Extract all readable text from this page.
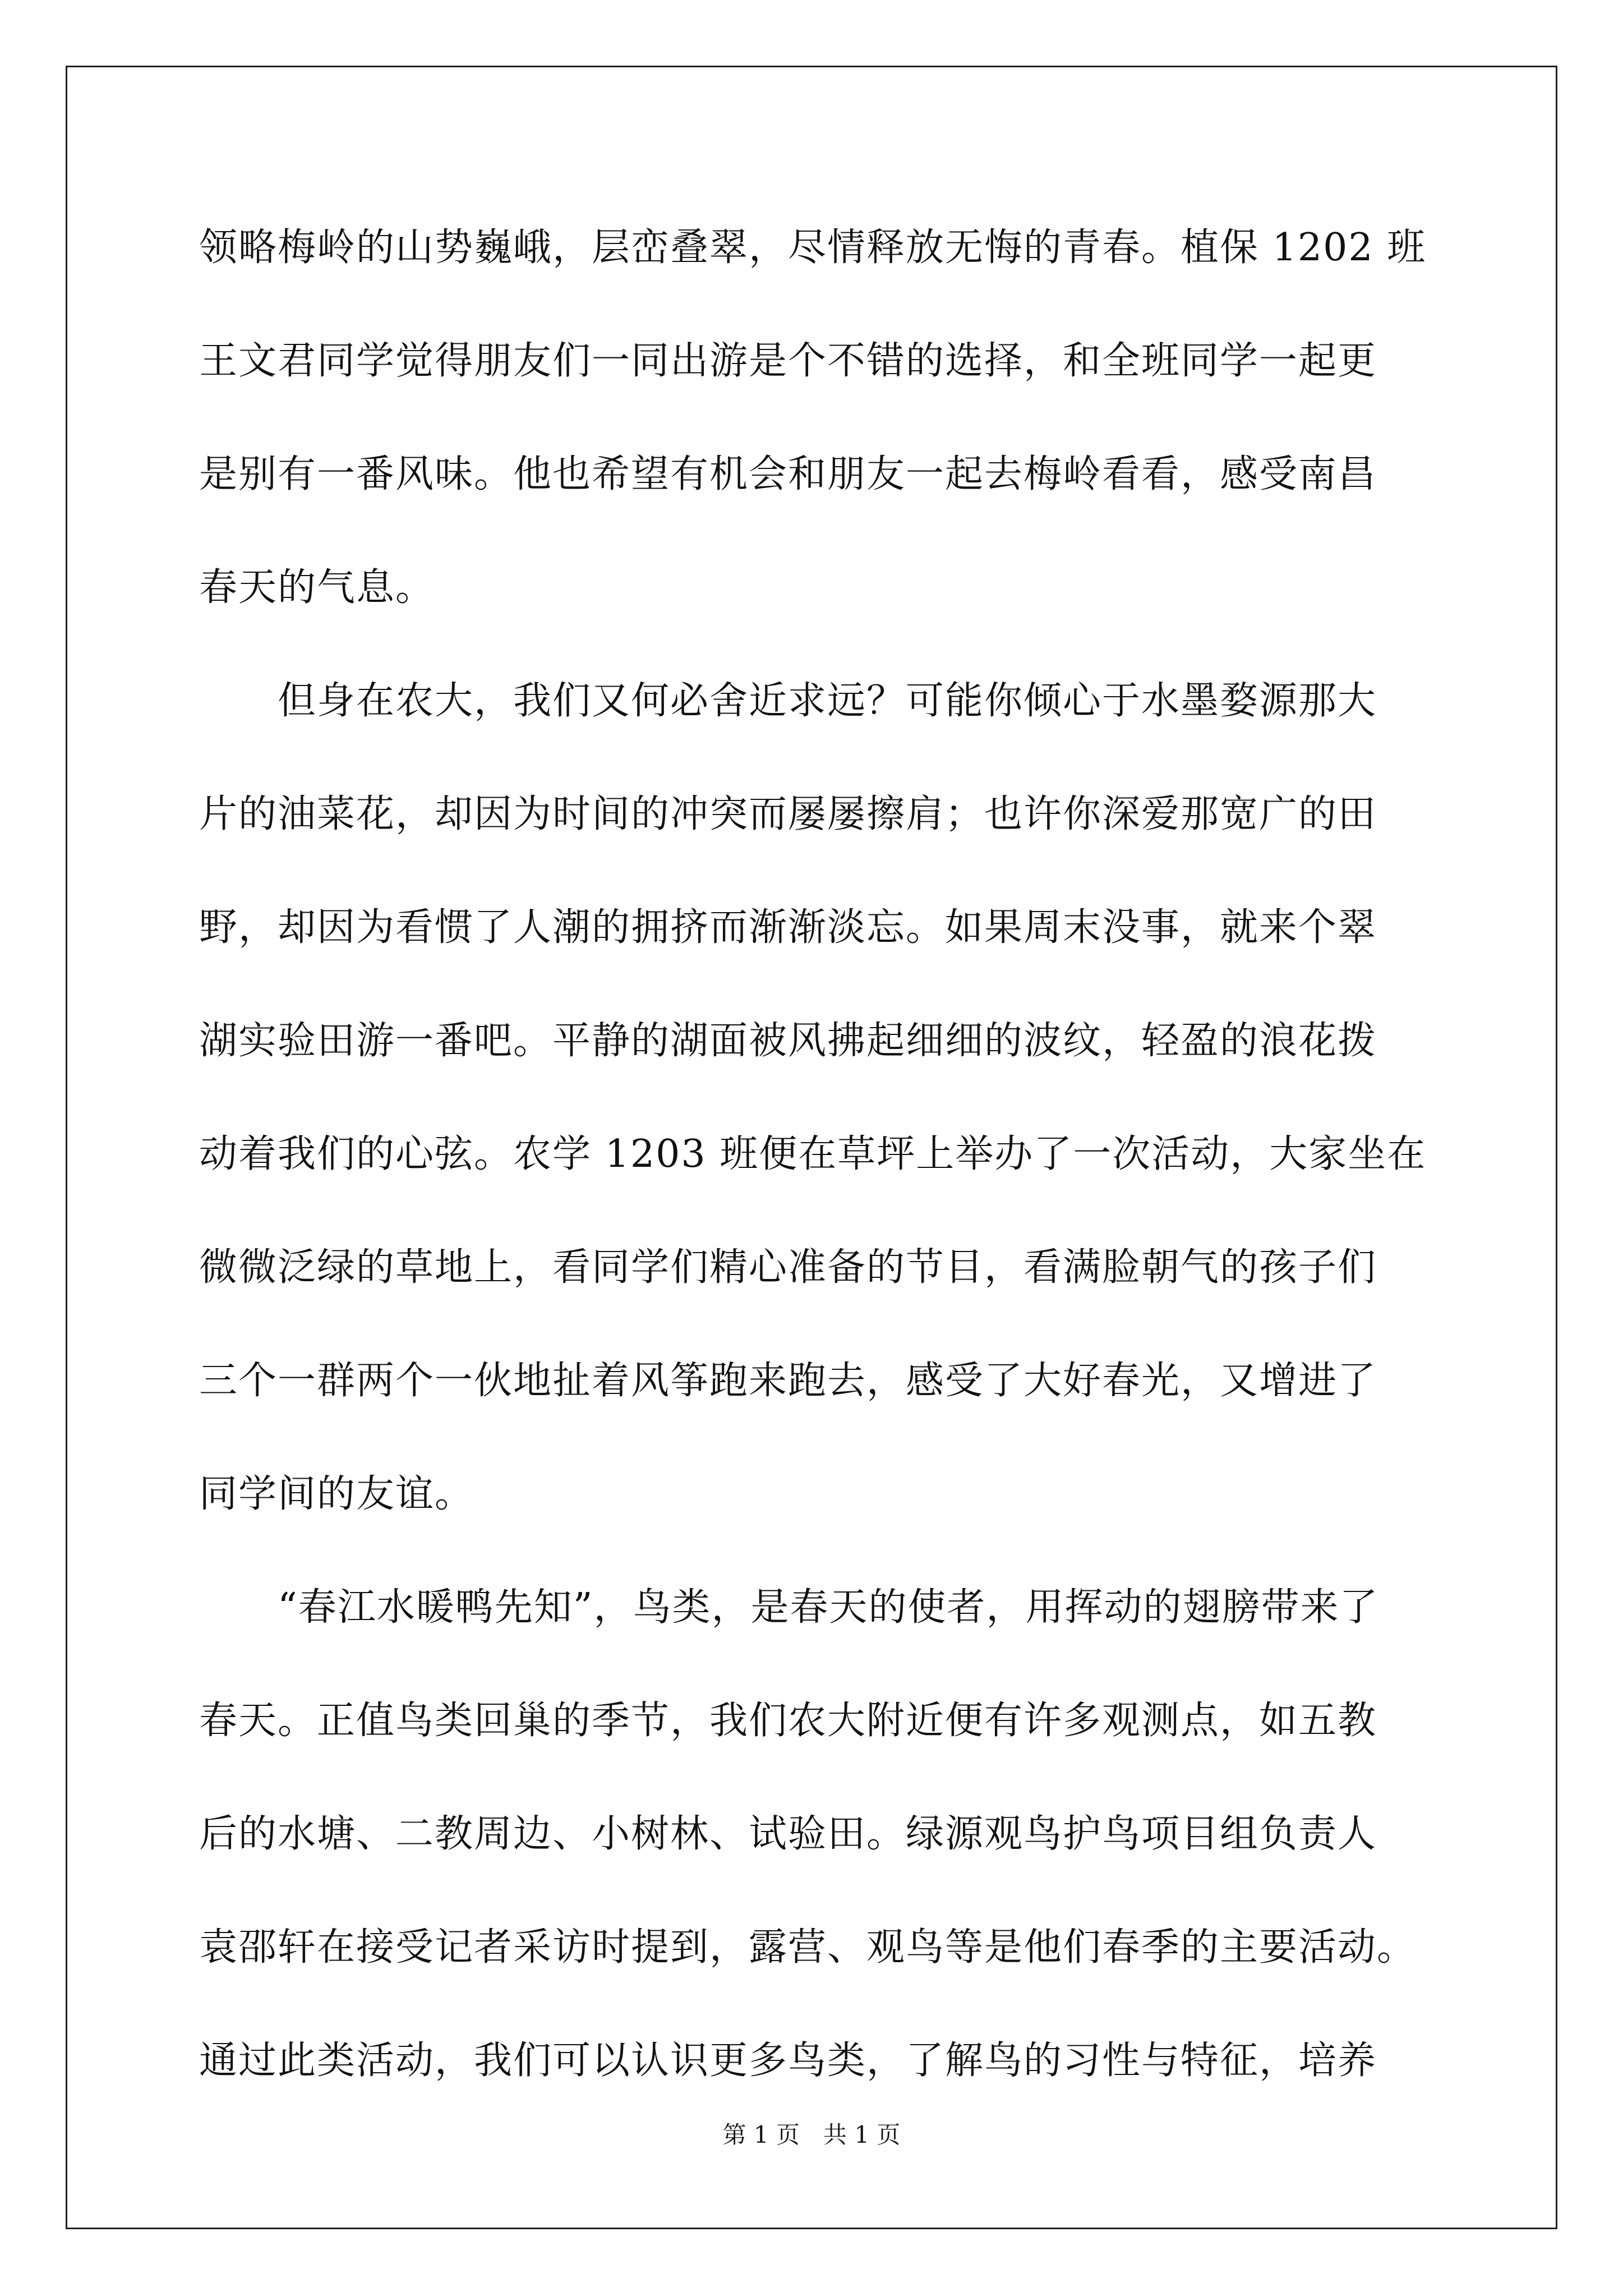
领略梅岭的山势巍峨，层峦叠翠，尽情释放无悔的青春。植保 1202 班
王文君同学觉得朋友们一同出游是个不错的选择，和全班同学一起更
是别有一番风味。他也希望有机会和朋友一起去梅岭看看，感受南昌
春天的气息。
　　但身在农大，我们又何必舍近求远？可能你倾心于水墨婺源那大
片的油菜花，却因为时间的冲突而屡屡擦肩；也许你深爱那宽广的田
野，却因为看惯了人潮的拥挤而渐渐淡忘。如果周末没事，就来个翠
湖实验田游一番吧。平静的湖面被风拂起细细的波纹，轻盈的浪花拨
动着我们的心弦。农学 1203 班便在草坪上举办了一次活动，大家坐在
微微泛绿的草地上，看同学们精心准备的节目，看满脸朝气的孩子们
三个一群两个一伙地扯着风筝跑来跑去，感受了大好春光，又增进了
同学间的友谊。
　　“春江水暖鸭先知”，鸟类，是春天的使者，用挥动的翅膀带来了
春天。正值鸟类回巢的季节，我们农大附近便有许多观测点，如五教
后的水塘、二教周边、小树林、试验田。绿源观鸟护鸟项目组负责人
袁邵轩在接受记者采访时提到，露营、观鸟等是他们春季的主要活动。
通过此类活动，我们可以认识更多鸟类，了解鸟的习性与特征，培养
第 1 页　共 1 页
